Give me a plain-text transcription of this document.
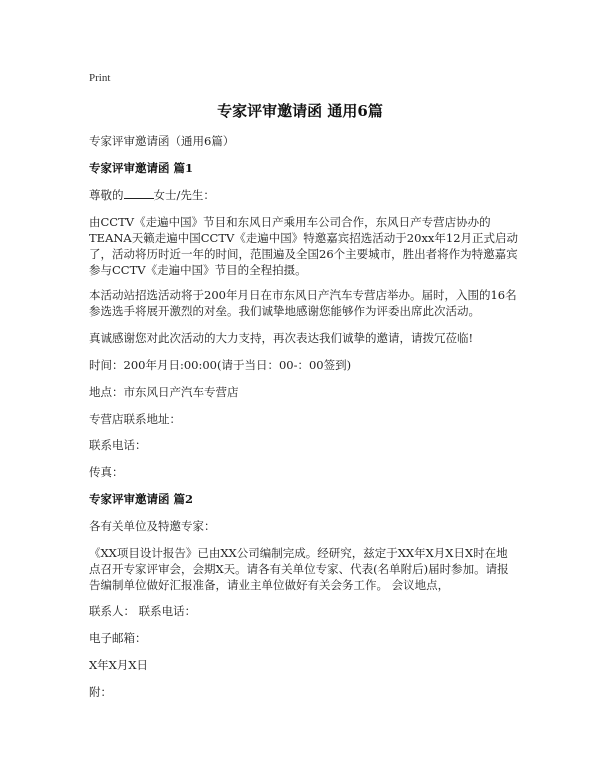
Print
专家评审邀请函 通用6篇
专家评审邀请函（通用6篇）
专家评审邀请函 篇1
尊敬的	女士/先生：
由CCTV《走遍中国》节目和东风日产乘用车公司合作，东风日产专营店协办的TEANA天籁走遍中国CCTV《走遍中国》特邀嘉宾招选活动于20xx年12月正式启动了，活动将历时近一年的时间，范围遍及全国26个主要城市，胜出者将作为特邀嘉宾参与CCTV《走遍中国》节目的全程拍摄。
本活动站招选活动将于200年月日在市东风日产汽车专营店举办。届时，入围的16名参选选手将展开激烈的对垒。我们诚挚地感谢您能够作为评委出席此次活动。
真诚感谢您对此次活动的大力支持，再次表达我们诚挚的邀请，请拨冗莅临!
时间：200年月日:00:00(请于当日：00-：00签到)
地点：市东风日产汽车专营店
专营店联系地址：
联系电话：
传真：
专家评审邀请函 篇2
各有关单位及特邀专家：
《XX项目设计报告》已由XX公司编制完成。经研究，兹定于XX年X月X日X时在地点召开专家评审会，会期X天。请各有关单位专家、代表(名单附后)届时参加。请报告编制单位做好汇报准备，请业主单位做好有关会务工作。 会议地点，
联系人： 联系电话：
电子邮箱：
X年X月X日
附：
